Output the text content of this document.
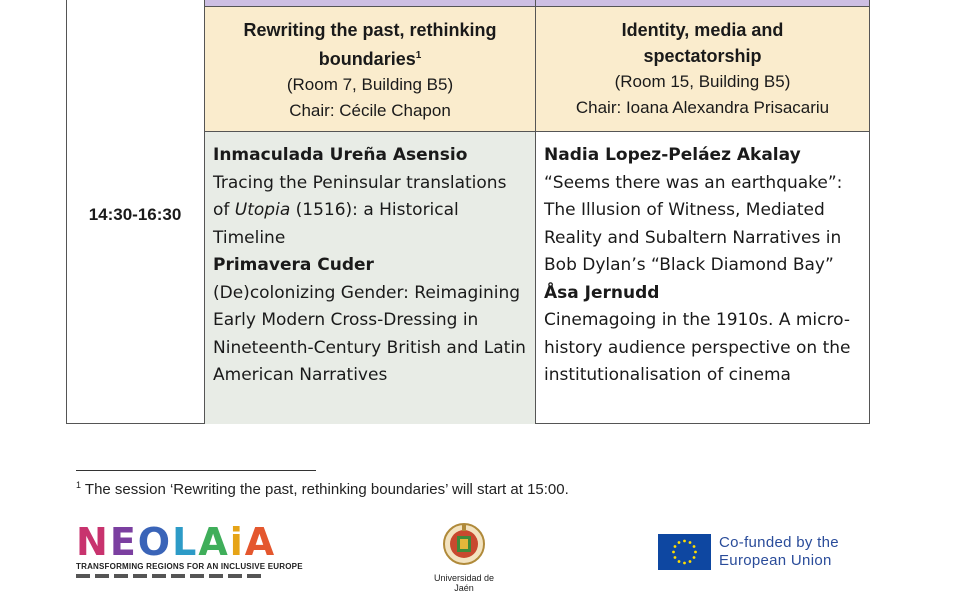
14:30-16:30
Rewriting the past, rethinking
boundaries$^1$
(Room 7, Building B5)
Chair: Cécile Chapon
Identity, media and
spectatorship
(Room 15, Building B5)
Chair: Ioana Alexandra Prisacariu
Inmaculada Ureña Asensio
Tracing the Peninsular translations of Utopia (1516): a Historical Timeline
Primavera Cuder
(De)colonizing Gender: Reimagining Early Modern Cross-Dressing in Nineteenth-Century British and Latin American Narratives
Nadia Lopez-Peláez Akalay
“Seems there was an earthquake”: The Illusion of Witness, Mediated Reality and Subaltern Narratives in Bob Dylan’s “Black Diamond Bay”
Åsa Jernudd
Cinemagoing in the 1910s. A micro-history audience perspective on the institutionalisation of cinema
$^1$ The session ‘Rewriting the past, rethinking boundaries’ will start at 15:00.
NEOLAiA
TRANSFORMING REGIONS FOR AN INCLUSIVE EUROPE
Universidad de Jaén
Co-funded by the
European Union
